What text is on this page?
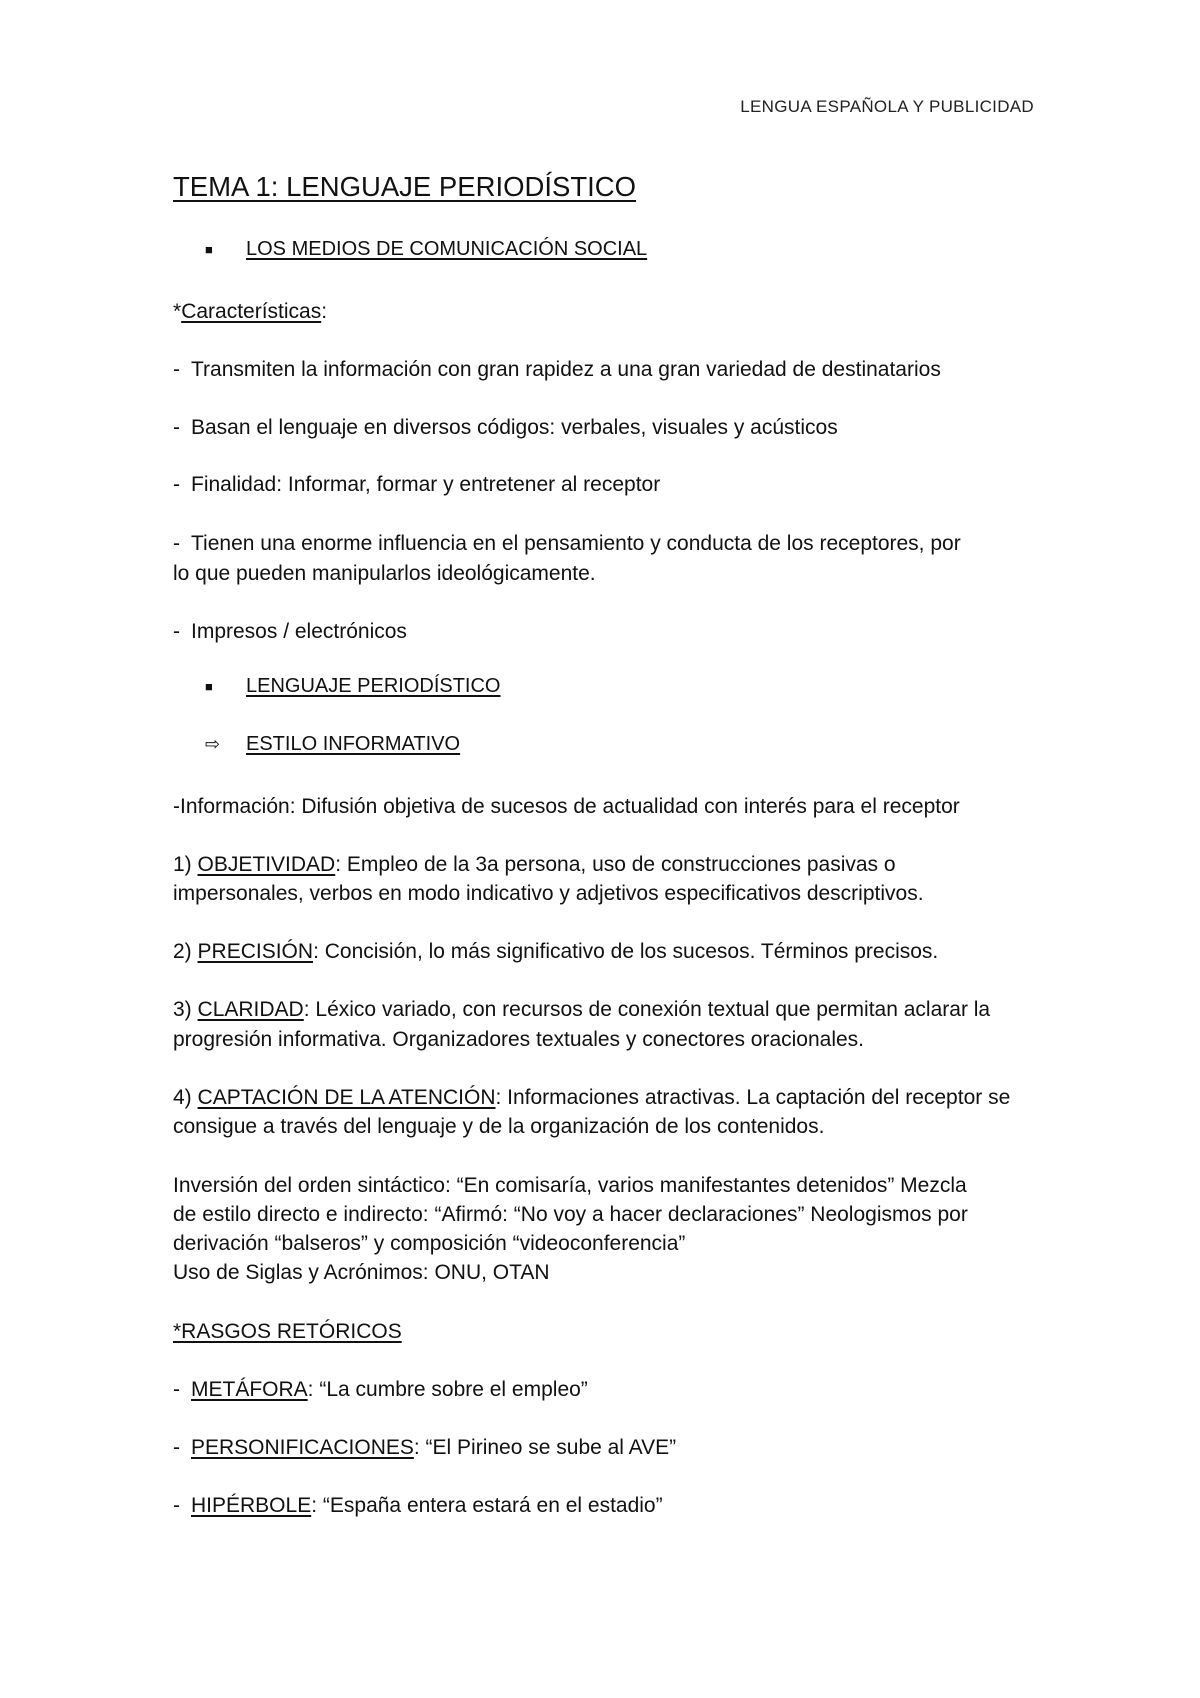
LENGUA ESPAÑOLA Y PUBLICIDAD
TEMA 1: LENGUAJE PERIODÍSTICO
■ LOS MEDIOS DE COMUNICACIÓN SOCIAL
*Características:
- Transmiten la información con gran rapidez a una gran variedad de destinatarios
- Basan el lenguaje en diversos códigos: verbales, visuales y acústicos
- Finalidad: Informar, formar y entretener al receptor
- Tienen una enorme influencia en el pensamiento y conducta de los receptores, por
lo que pueden manipularlos ideológicamente.
- Impresos / electrónicos
■ LENGUAJE PERIODÍSTICO
⇨ ESTILO INFORMATIVO
-Información: Difusión objetiva de sucesos de actualidad con interés para el receptor
1) OBJETIVIDAD: Empleo de la 3a persona, uso de construcciones pasivas o
impersonales, verbos en modo indicativo y adjetivos especificativos descriptivos.
2) PRECISIÓN: Concisión, lo más significativo de los sucesos. Términos precisos.
3) CLARIDAD: Léxico variado, con recursos de conexión textual que permitan aclarar la
progresión informativa. Organizadores textuales y conectores oracionales.
4) CAPTACIÓN DE LA ATENCIÓN: Informaciones atractivas. La captación del receptor se
consigue a través del lenguaje y de la organización de los contenidos.
Inversión del orden sintáctico: “En comisaría, varios manifestantes detenidos” Mezcla
de estilo directo e indirecto: “Afirmó: “No voy a hacer declaraciones” Neologismos por
derivación “balseros” y composición “videoconferencia”
Uso de Siglas y Acrónimos: ONU, OTAN
*RASGOS RETÓRICOS
- METÁFORA: “La cumbre sobre el empleo”
- PERSONIFICACIONES: “El Pirineo se sube al AVE”
- HIPÉRBOLE: “España entera estará en el estadio”
